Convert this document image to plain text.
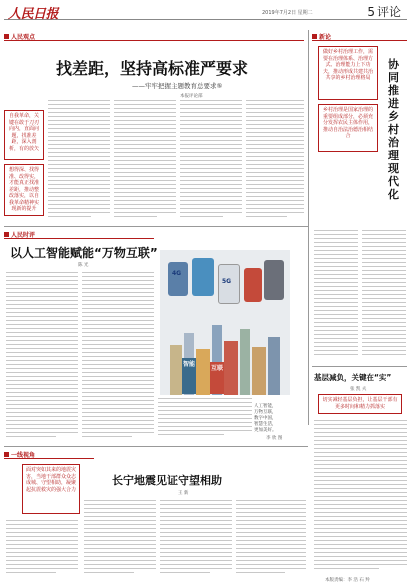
人民日报	2019年7月2日 星期二	5 评论
人民观点
找差距，坚持高标准严要求
——牢牢把握主题教育总要求⑤
本报评论部

自我革命，关键在敢于刀刃向内，直面问题，找准差距，深入剖析，有的放矢

想得深、找得准、改得实，才能真正找准差距，推动整改落实，以自我革命精神实现新的提升

新论

做好乡村治理工作，需要在治理体系、治理方式、治理能力上下功夫，推动形成共建共治共享的乡村治理格局

乡村治理是国家治理的重要组成部分，必须充分发挥农民主体作用，推动自治法治德治相结合

协同推进乡村治理现代化
人民时评
以人工智能赋能“万物互联”
陈 光
4G
5G
智能
互联
人工智能，
万物互联，
数字中国，
智慧生活，
更加美好。
李 欣 图
基层减负，关键在“实”
张 凯 夫

切实减轻基层负担，让基层干部有更多时间和精力抓落实

一线视角

面对突如其来的地震灾害，当地干部群众众志成城、守望相助，凝聚起抗震救灾的强大合力

长宁地震见证守望相助
王 新
本版责编：李 浩 石 羚
